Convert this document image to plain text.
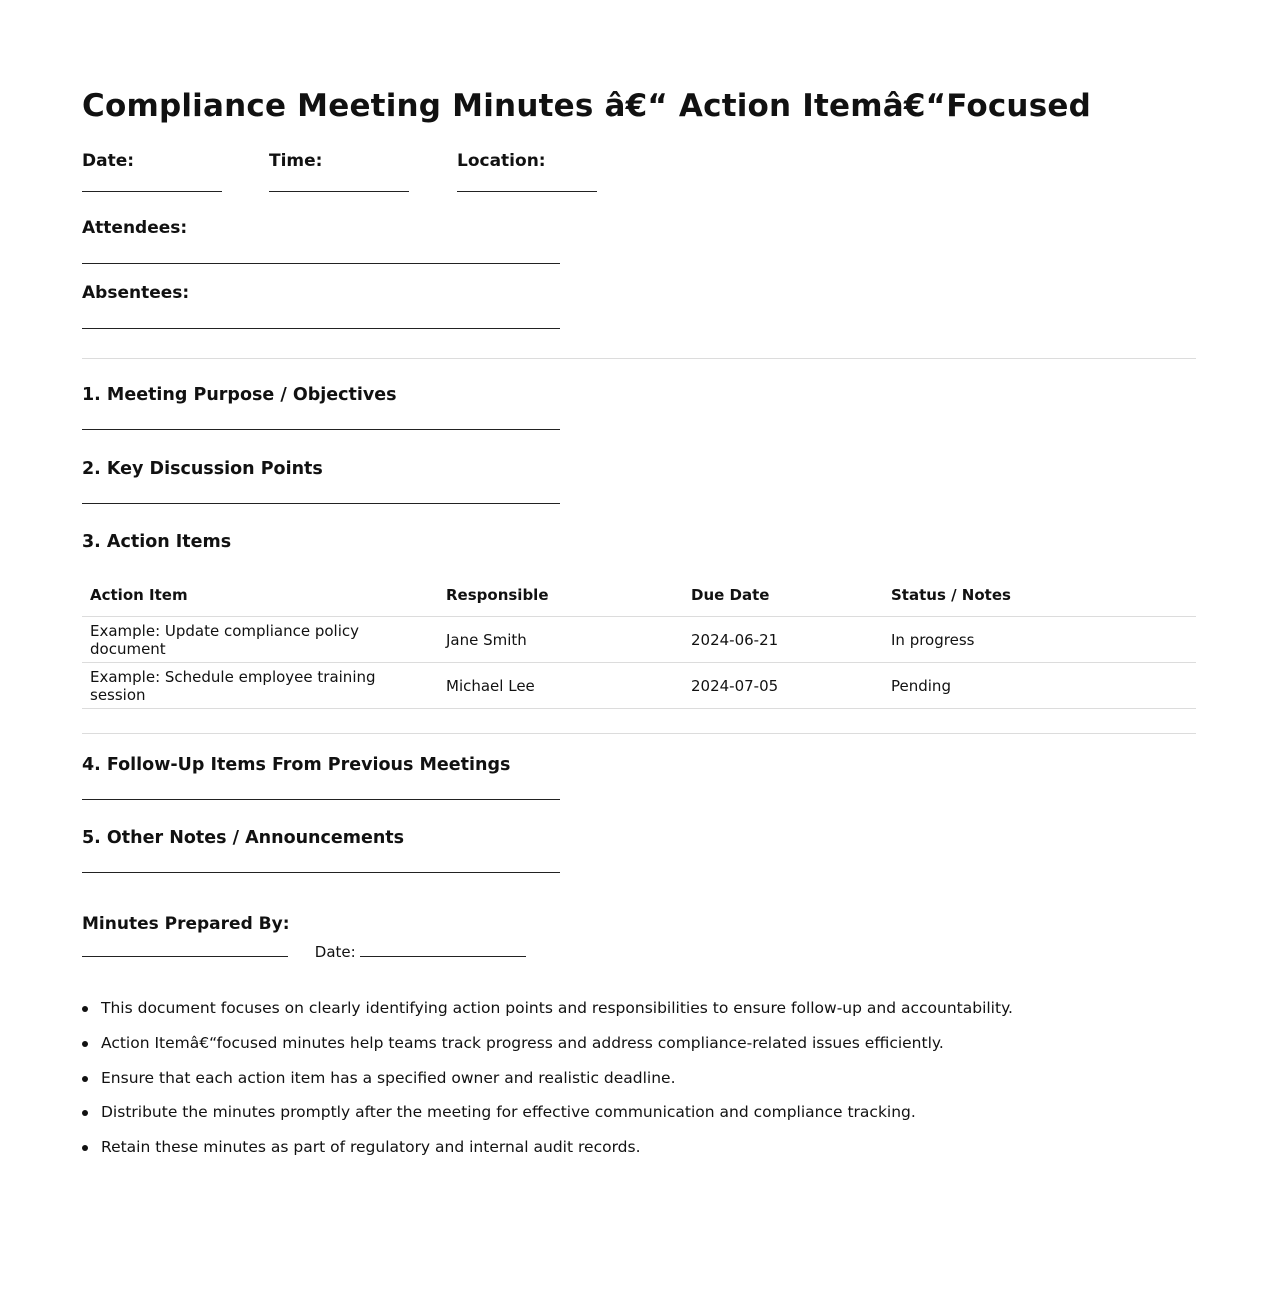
Compliance Meeting Minutes â€“ Action Itemâ€“Focused
Date:	Time:	Location:
Attendees:
Absentees:
1. Meeting Purpose / Objectives
2. Key Discussion Points
3. Action Items
Action Item	Responsible	Due Date	Status / Notes
Example: Update compliance policy document	Jane Smith	2024-06-21	In progress
Example: Schedule employee training session	Michael Lee	2024-07-05	Pending
4. Follow-Up Items From Previous Meetings
5. Other Notes / Announcements
Minutes Prepared By:
Date:
This document focuses on clearly identifying action points and responsibilities to ensure follow-up and accountability.
Action Itemâ€“focused minutes help teams track progress and address compliance-related issues efficiently.
Ensure that each action item has a specified owner and realistic deadline.
Distribute the minutes promptly after the meeting for effective communication and compliance tracking.
Retain these minutes as part of regulatory and internal audit records.
